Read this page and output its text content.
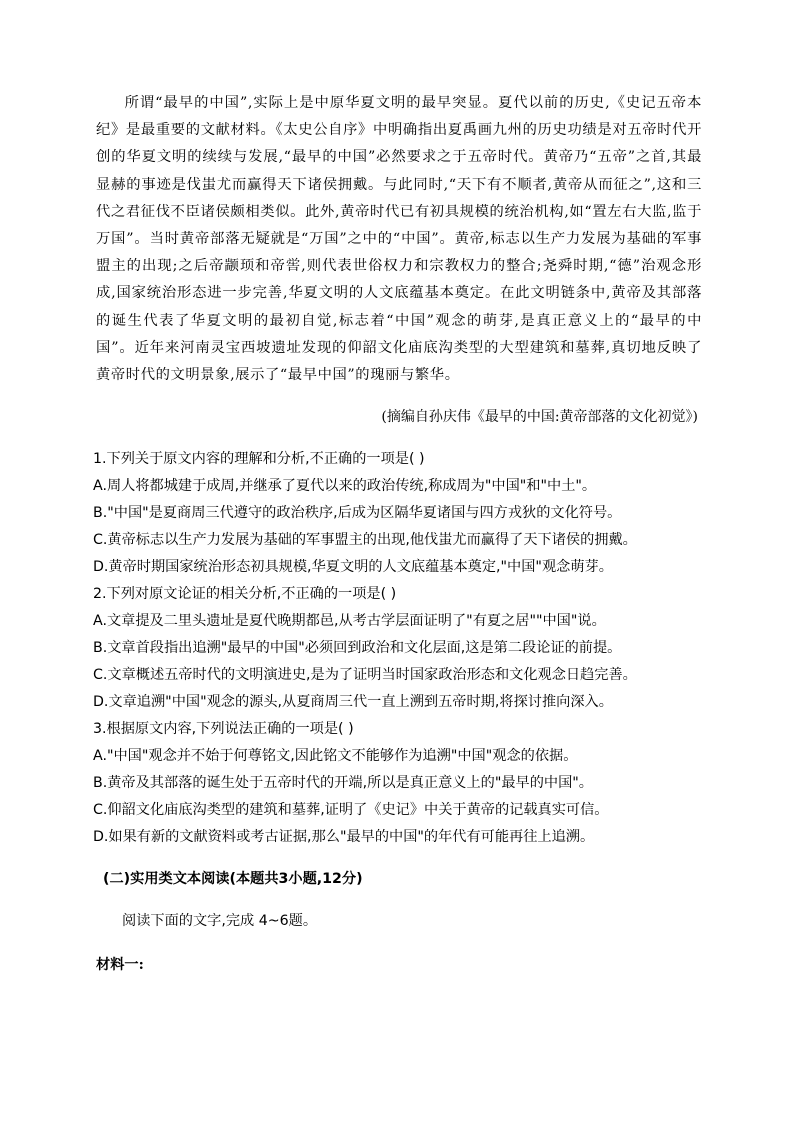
所谓“最早的中国”,实际上是中原华夏文明的最早突显。夏代以前的历史,《史记五帝本纪》是最重要的文献材料。《太史公自序》中明确指出夏禹画九州的历史功绩是对五帝时代开创的华夏文明的续续与发展,“最早的中国”必然要求之于五帝时代。黄帝乃“五帝”之首,其最显赫的事迹是伐蚩尤而赢得天下诸侯拥戴。与此同时,“天下有不顺者,黄帝从而征之”,这和三代之君征伐不臣诸侯颇相类似。此外,黄帝时代已有初具规模的统治机构,如“置左右大监,监于万国”。当时黄帝部落无疑就是“万国”之中的“中国”。黄帝,标志以生产力发展为基础的军事盟主的出现;之后帝颛顼和帝喾,则代表世俗权力和宗教权力的整合;尧舜时期,“德”治观念形成,国家统治形态进一步完善,华夏文明的人文底蕴基本奠定。在此文明链条中,黄帝及其部落的诞生代表了华夏文明的最初自觉,标志着“中国”观念的萌芽,是真正意义上的“最早的中国”。近年来河南灵宝西坡遗址发现的仰韶文化庙底沟类型的大型建筑和墓葬,真切地反映了黄帝时代的文明景象,展示了“最早中国”的瑰丽与繁华。

(摘编自孙庆伟《最早的中国:黄帝部落的文化初觉》)

1.下列关于原文内容的理解和分析,不正确的一项是( )
A.周人将都城建于成周,并继承了夏代以来的政治传统,称成周为"中国"和"中土"。
B."中国"是夏商周三代遵守的政治秩序,后成为区隔华夏诸国与四方戎狄的文化符号。
C.黄帝标志以生产力发展为基础的军事盟主的出现,他伐蚩尤而赢得了天下诸侯的拥戴。
D.黄帝时期国家统治形态初具规模,华夏文明的人文底蕴基本奠定,"中国"观念萌芽。
2.下列对原文论证的相关分析,不正确的一项是( )
A.文章提及二里头遗址是夏代晚期都邑,从考古学层面证明了"有夏之居""中国"说。
B.文章首段指出追溯"最早的中国"必须回到政治和文化层面,这是第二段论证的前提。
C.文章概述五帝时代的文明演进史,是为了证明当时国家政治形态和文化观念日趋完善。
D.文章追溯"中国"观念的源头,从夏商周三代一直上溯到五帝时期,将探讨推向深入。
3.根据原文内容,下列说法正确的一项是( )
A."中国"观念并不始于何尊铭文,因此铭文不能够作为追溯"中国"观念的依据。
B.黄帝及其部落的诞生处于五帝时代的开端,所以是真正意义上的"最早的中国"。
C.仰韶文化庙底沟类型的建筑和墓葬,证明了《史记》中关于黄帝的记载真实可信。
D.如果有新的文献资料或考古证据,那么"最早的中国"的年代有可能再往上追溯。
(二)实用类文本阅读(本题共3小题,12分)

阅读下面的文字,完成 4~6题。

材料一:
